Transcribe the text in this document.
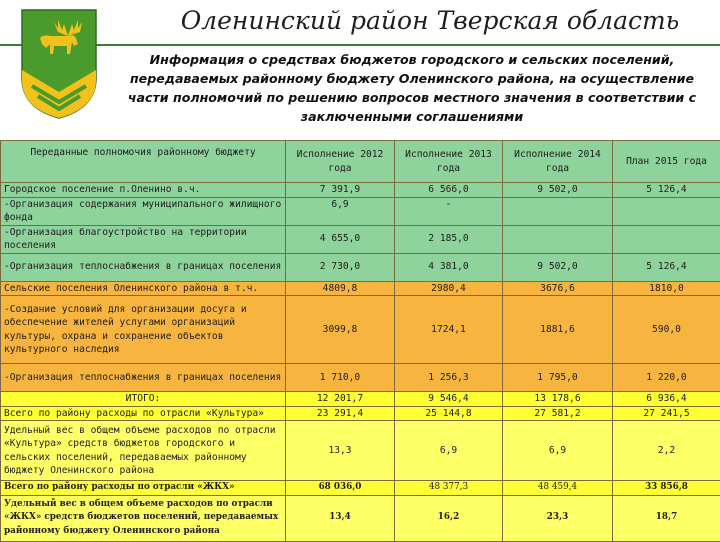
Оленинский район Тверская область
Информация о средствах бюджетов городского и сельских поселений, передаваемых районному бюджету Оленинского района, на осуществление части полномочий по решению вопросов местного значения в соответствии с заключенными соглашениями
Переданные полномочия районному бюджету	Исполнение 2012 года	Исполнение 2013 года	Исполнение 2014 года	План 2015 года
Городское поселение п.Оленино в.ч.	7 391,9	6 566,0	9 502,0	5 126,4
-Организация содержания муниципального жилищного фонда	6,9	-		
-Организация благоустройство на территории поселения	4 655,0	2 185,0		
-Организация теплоснабжения в границах поселения	2 730,0	4 381,0	9 502,0	5 126,4
Сельские поселения Оленинского района в т.ч.	4809,8	2980,4	3676,6	1810,0
-Создание условий для организации досуга и обеспечение жителей услугами организаций культуры, охрана и сохранение объектов культурного наследия	3099,8	1724,1	1881,6	590,0
-Организация теплоснабжения в границах поселения	1 710,0	1 256,3	1 795,0	1 220,0
ИТОГО:	12 201,7	9 546,4	13 178,6	6 936,4
Всего по району расходы по отрасли «Культура»	23 291,4	25 144,8	27 581,2	27 241,5
Удельный вес в общем объеме расходов по отрасли «Культура» средств бюджетов городского и сельских поселений, передаваемых районному бюджету Оленинского района	13,3	6,9	6,9	2,2
Всего по району расходы по отрасли «ЖКХ»	68 036,0	48 377,3	48 459,4	33 856,8
Удельный вес в общем объеме расходов по отрасли «ЖКХ» средств бюджетов поселений, передаваемых районному бюджету Оленинского района	13,4	16,2	23,3	18,7
